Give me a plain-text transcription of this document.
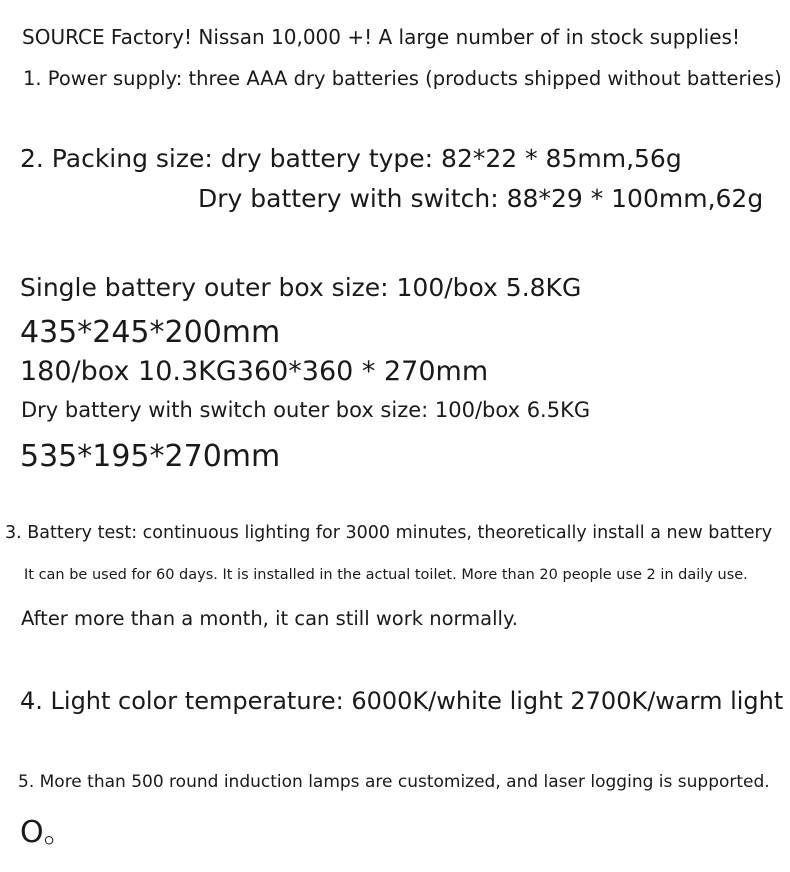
SOURCE Factory! Nissan 10,000 +! A large number of in stock supplies!

1. Power supply: three AAA dry batteries (products shipped without batteries)

2. Packing size: dry battery type: 82*22 * 85mm,56g

Dry battery with switch: 88*29 * 100mm,62g

Single battery outer box size: 100/box 5.8KG

435*245*200mm

180/box 10.3KG360*360 * 270mm

Dry battery with switch outer box size: 100/box 6.5KG

535*195*270mm

3. Battery test: continuous lighting for 3000 minutes, theoretically install a new battery

It can be used for 60 days. It is installed in the actual toilet. More than 20 people use 2 in daily use.

After more than a month, it can still work normally.

4. Light color temperature: 6000K/white light 2700K/warm light

5. More than 500 round induction lamps are customized, and laser logging is supported.

O。
